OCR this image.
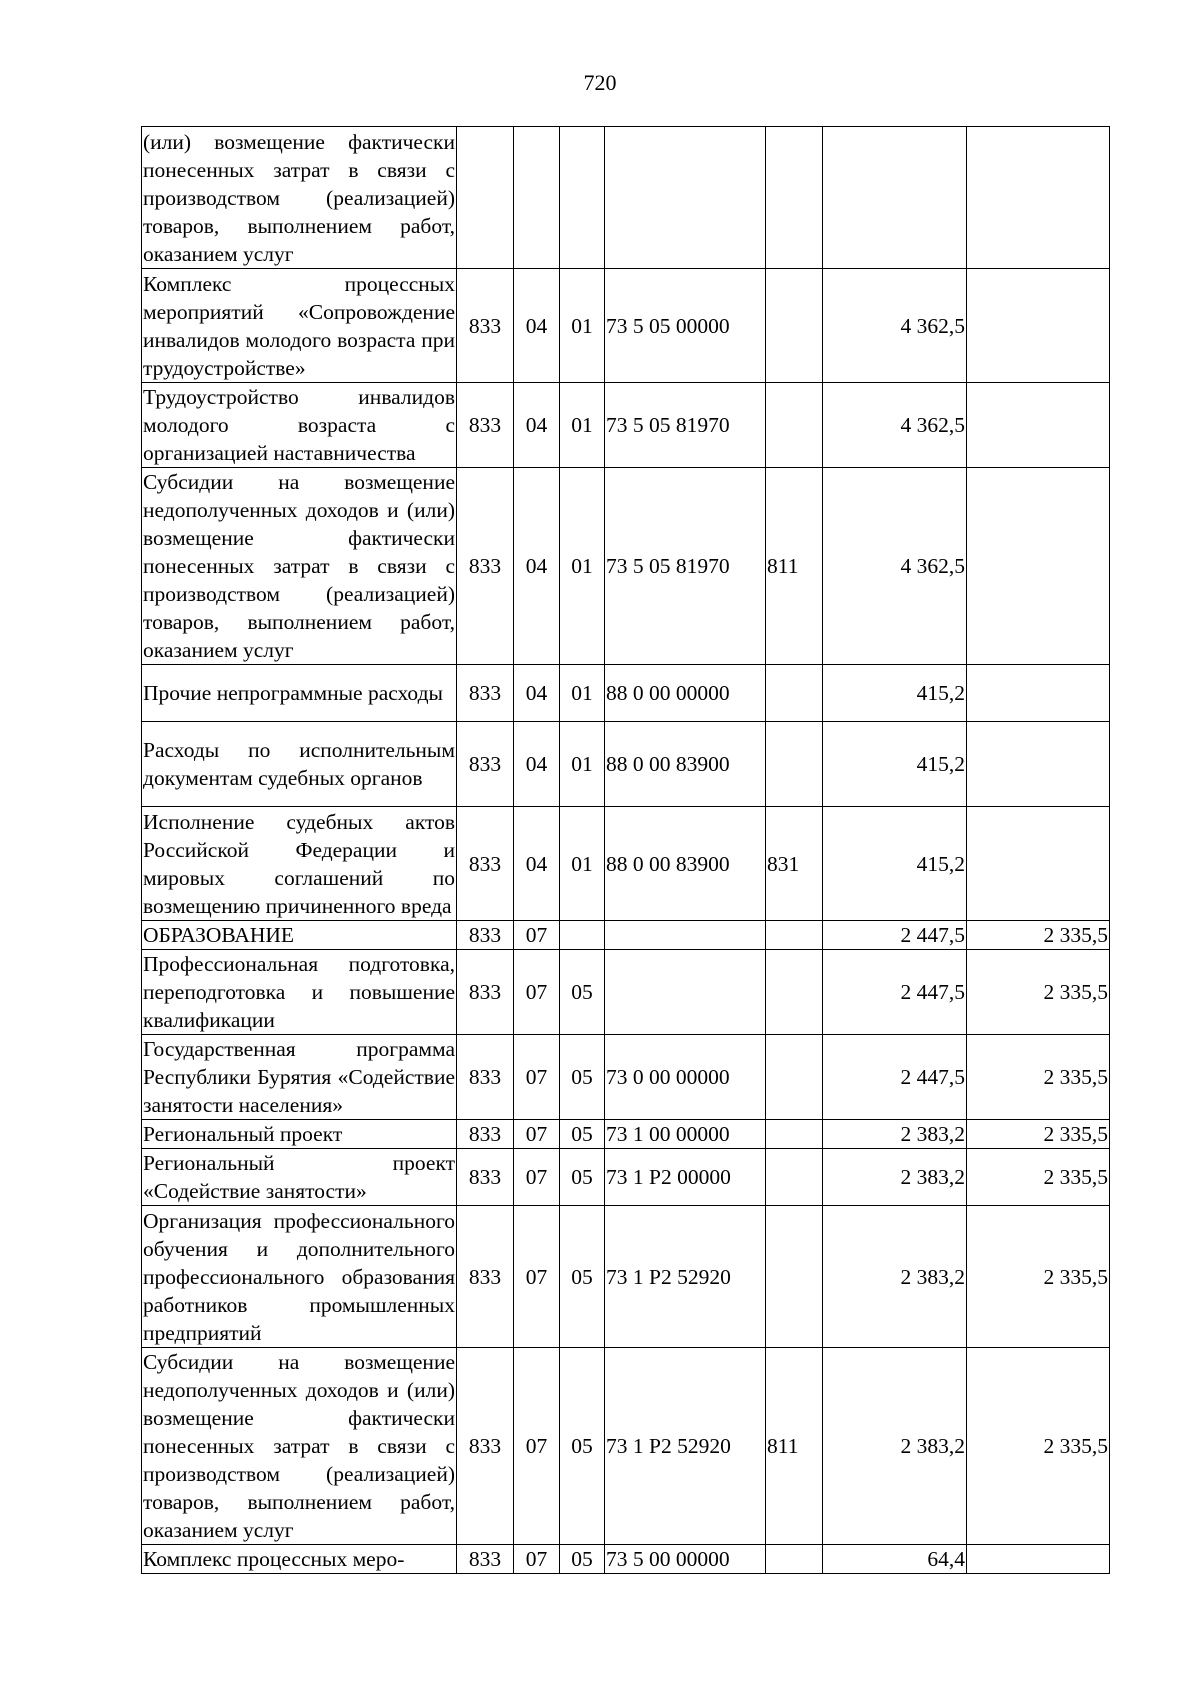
720
(или) возмещение фактически понесенных затрат в связи с производством (реализацией) товаров, выполнением работ, оказанием услуг							
Комплекс процессных мероприятий «Сопровождение инвалидов молодого возраста при трудоустройстве»	833	04	01	73 5 05 00000		4 362,5	
Трудоустройство инвалидов молодого возраста с организацией наставничества	833	04	01	73 5 05 81970		4 362,5	
Субсидии на возмещение недополученных доходов и (или) возмещение фактически понесенных затрат в связи с производством (реализацией) товаров, выполнением работ, оказанием услуг	833	04	01	73 5 05 81970	811	4 362,5	
Прочие непрограммные расходы	833	04	01	88 0 00 00000		415,2	
Расходы по исполнительным документам судебных органов	833	04	01	88 0 00 83900		415,2	
Исполнение судебных актов Российской Федерации и мировых соглашений по возмещению причиненного вреда	833	04	01	88 0 00 83900	831	415,2	
ОБРАЗОВАНИЕ	833	07				2 447,5	2 335,5
Профессиональная подготовка, переподготовка и повышение квалификации	833	07	05			2 447,5	2 335,5
Государственная программа Республики Бурятия «Содействие занятости населения»	833	07	05	73 0 00 00000		2 447,5	2 335,5
Региональный проект	833	07	05	73 1 00 00000		2 383,2	2 335,5
Региональный проект «Содействие занятости»	833	07	05	73 1 Р2 00000		2 383,2	2 335,5
Организация профессионального обучения и дополнительного профессионального образования работников промышленных предприятий	833	07	05	73 1 Р2 52920		2 383,2	2 335,5
Субсидии на возмещение недополученных доходов и (или) возмещение фактически понесенных затрат в связи с производством (реализацией) товаров, выполнением работ, оказанием услуг	833	07	05	73 1 Р2 52920	811	2 383,2	2 335,5
Комплекс процессных меро-	833	07	05	73 5 00 00000		64,4	
